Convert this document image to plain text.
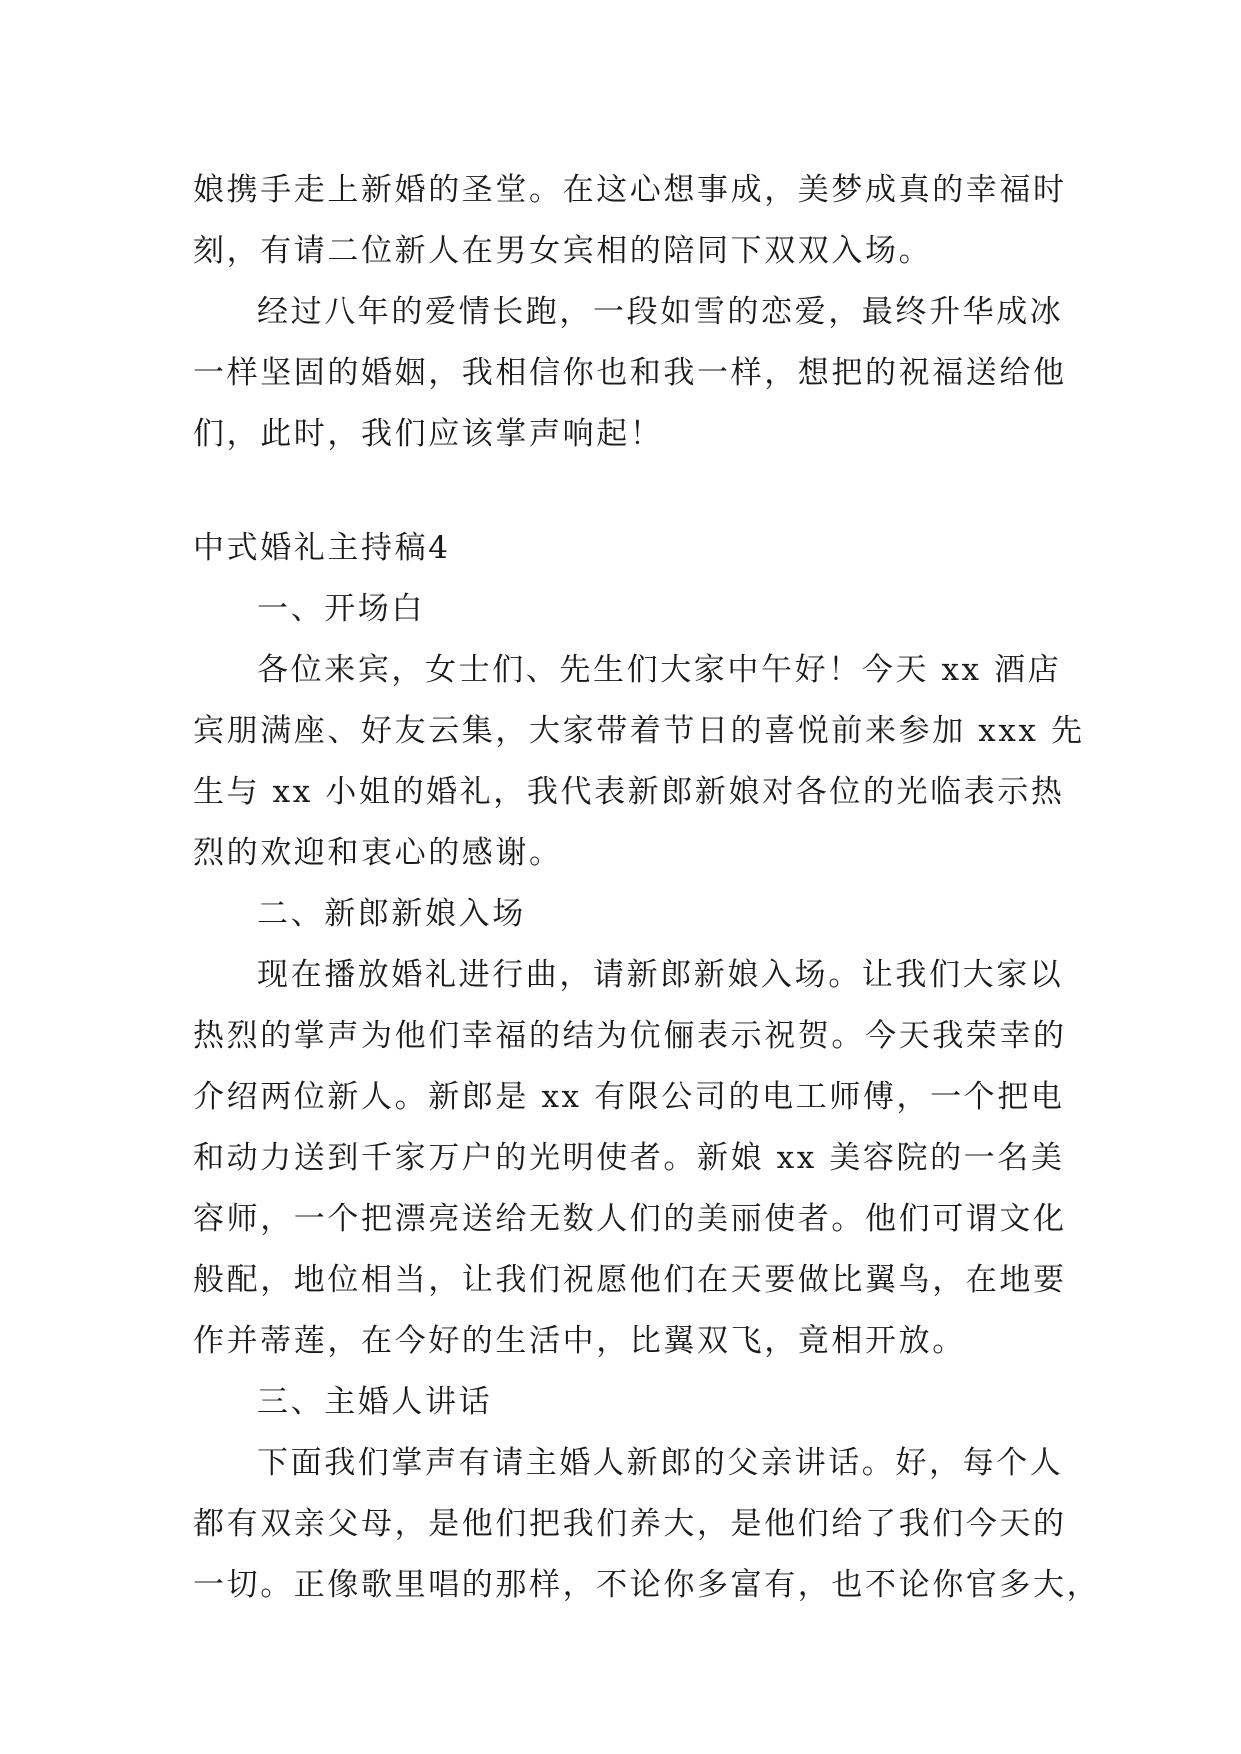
娘携手走上新婚的圣堂。在这心想事成，美梦成真的幸福时
刻，有请二位新人在男女宾相的陪同下双双入场。
经过八年的爱情长跑，一段如雪的恋爱，最终升华成冰
一样坚固的婚姻，我相信你也和我一样，想把的祝福送给他
们，此时，我们应该掌声响起！
中式婚礼主持稿4
一、开场白
各位来宾，女士们、先生们大家中午好！今天 xx 酒店
宾朋满座、好友云集，大家带着节日的喜悦前来参加 xxx 先
生与 xx 小姐的婚礼，我代表新郎新娘对各位的光临表示热
烈的欢迎和衷心的感谢。
二、新郎新娘入场
现在播放婚礼进行曲，请新郎新娘入场。让我们大家以
热烈的掌声为他们幸福的结为伉俪表示祝贺。今天我荣幸的
介绍两位新人。新郎是 xx 有限公司的电工师傅，一个把电
和动力送到千家万户的光明使者。新娘 xx 美容院的一名美
容师，一个把漂亮送给无数人们的美丽使者。他们可谓文化
般配，地位相当，让我们祝愿他们在天要做比翼鸟，在地要
作并蒂莲，在今好的生活中，比翼双飞，竟相开放。
三、主婚人讲话
下面我们掌声有请主婚人新郎的父亲讲话。好，每个人
都有双亲父母，是他们把我们养大，是他们给了我们今天的
一切。正像歌里唱的那样，不论你多富有，也不论你官多大，
